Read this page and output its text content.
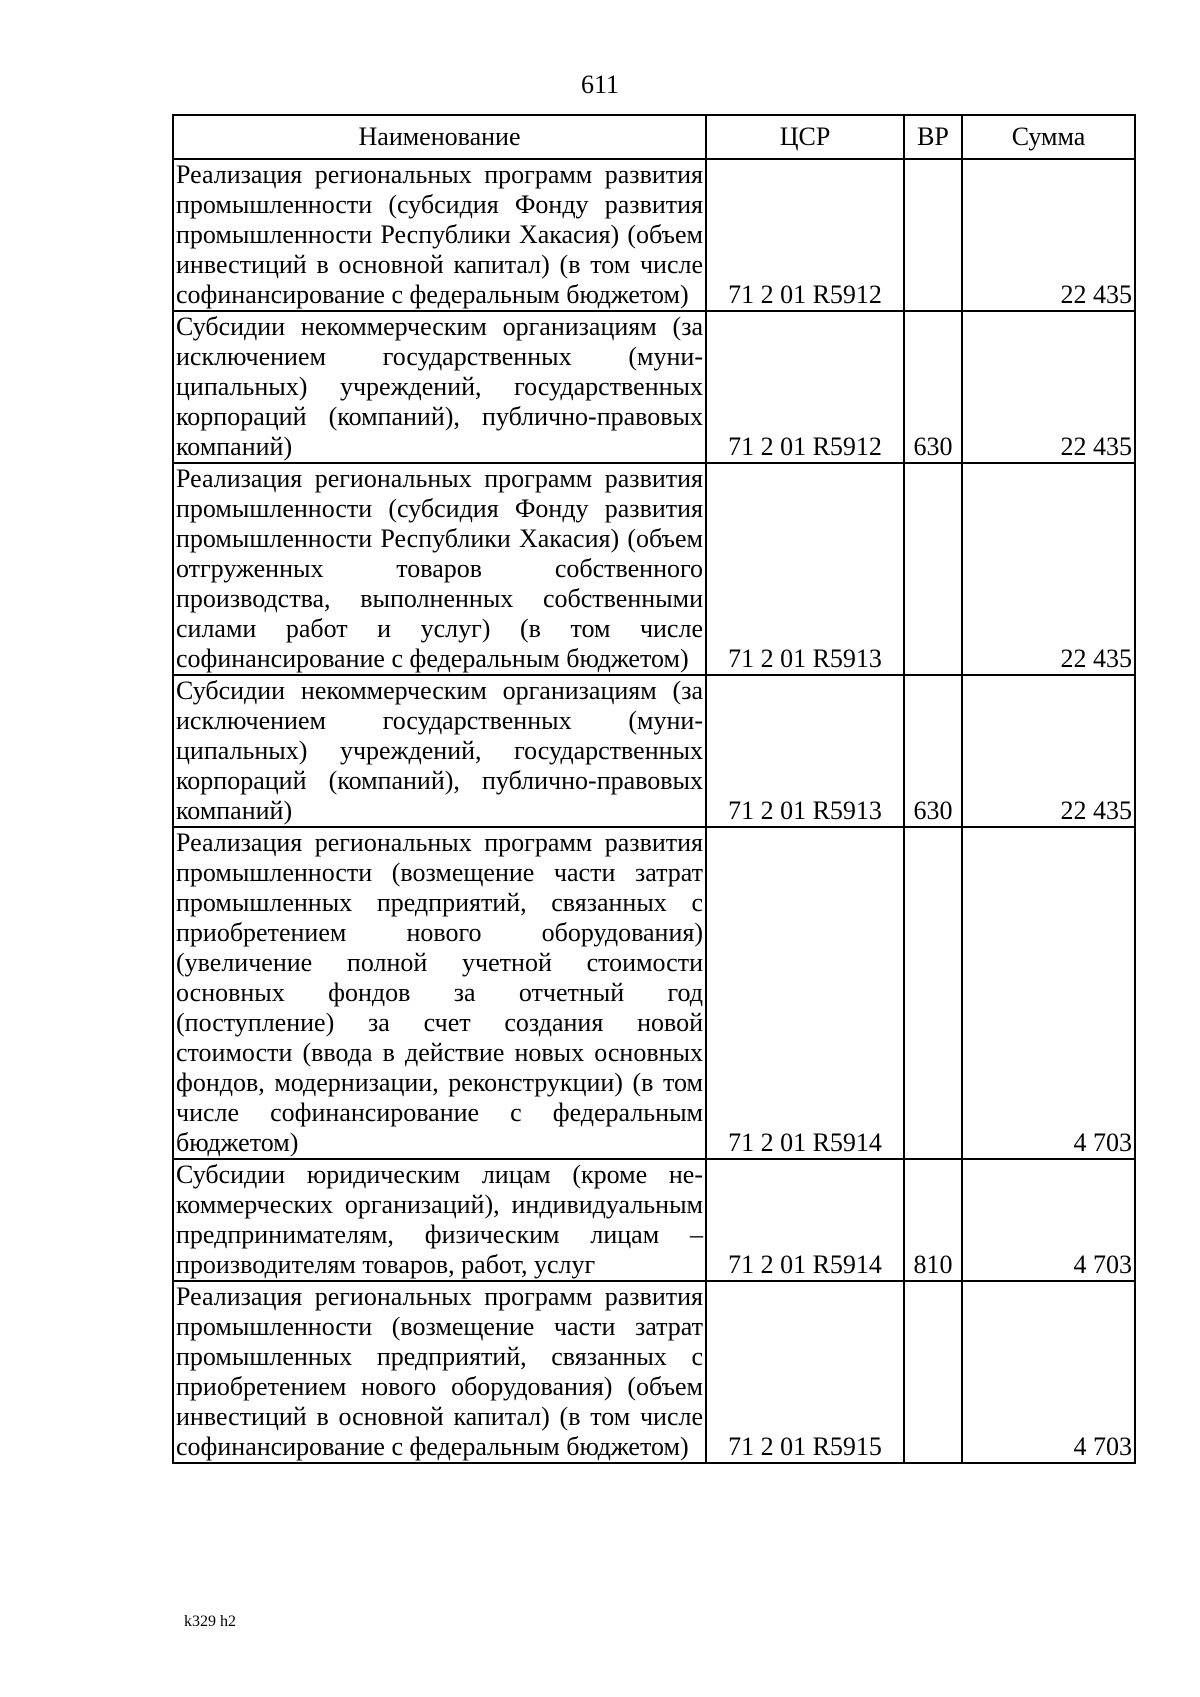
611
Наименование	ЦСР	ВР	Сумма
Реализация региональных программ развития промышленности (субсидия Фонду развития промышленности Республики Хакасия) (объем инвестиций в основной капитал) (в том числе софинансирование с федеральным бюджетом)	71 2 01 R5912		22 435
Субсидии некоммерческим организациям (за исключением государственных (муниципальных) учреждений, государственных корпораций (компаний), публично-правовых компаний)	71 2 01 R5912	630	22 435
Реализация региональных программ развития промышленности (субсидия Фонду развития промышленности Республики Хакасия) (объем отгруженных товаров собственного производства, выполненных собственными силами работ и услуг) (в том числе софинансирование с федеральным бюджетом)	71 2 01 R5913		22 435
Субсидии некоммерческим организациям (за исключением государственных (муниципальных) учреждений, государственных корпораций (компаний), публично-правовых компаний)	71 2 01 R5913	630	22 435
Реализация региональных программ развития промышленности (возмещение части затрат промышленных предприятий, связанных с приобретением нового оборудования) (увеличение полной учетной стоимости основных фондов за отчетный год (поступление) за счет создания новой стоимости (ввода в действие новых основных фондов, модернизации, реконструкции) (в том числе софинансирование с федеральным бюджетом)	71 2 01 R5914		4 703
Субсидии юридическим лицам (кроме некоммерческих организаций), индивидуальным предпринимателям, физическим лицам – производителям товаров, работ, услуг	71 2 01 R5914	810	4 703
Реализация региональных программ развития промышленности (возмещение части затрат промышленных предприятий, связанных с приобретением нового оборудования) (объем инвестиций в основной капитал) (в том числе софинансирование с федеральным бюджетом)	71 2 01 R5915		4 703
k329 h2
